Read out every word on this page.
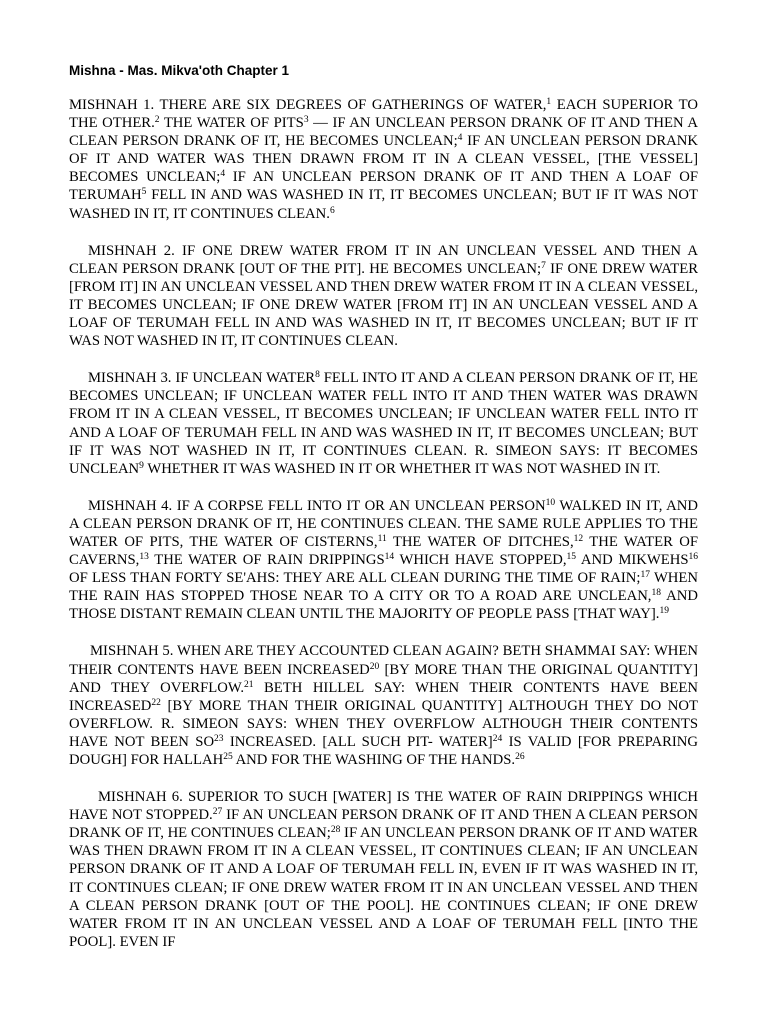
Mishna - Mas. Mikva'oth Chapter 1

MISHNAH 1. THERE ARE SIX DEGREES OF GATHERINGS OF WATER,$^1$ EACH SUPERIOR TO THE OTHER.$^2$ THE WATER OF PITS$^3$ — IF AN UNCLEAN PERSON DRANK OF IT AND THEN A CLEAN PERSON DRANK OF IT, HE BECOMES UNCLEAN;$^4$ IF AN UNCLEAN PERSON DRANK OF IT AND WATER WAS THEN DRAWN FROM IT IN A CLEAN VESSEL, [THE VESSEL] BECOMES UNCLEAN;$^4$ IF AN UNCLEAN PERSON DRANK OF IT AND THEN A LOAF OF TERUMAH$^5$ FELL IN AND WAS WASHED IN IT, IT BECOMES UNCLEAN; BUT IF IT WAS NOT WASHED IN IT, IT CONTINUES CLEAN.$^6$

MISHNAH 2. IF ONE DREW WATER FROM IT IN AN UNCLEAN VESSEL AND THEN A CLEAN PERSON DRANK [OUT OF THE PIT]. HE BECOMES UNCLEAN;$^7$ IF ONE DREW WATER [FROM IT] IN AN UNCLEAN VESSEL AND THEN DREW WATER FROM IT IN A CLEAN VESSEL, IT BECOMES UNCLEAN; IF ONE DREW WATER [FROM IT] IN AN UNCLEAN VESSEL AND A LOAF OF TERUMAH FELL IN AND WAS WASHED IN IT, IT BECOMES UNCLEAN; BUT IF IT WAS NOT WASHED IN IT, IT CONTINUES CLEAN.

MISHNAH 3. IF UNCLEAN WATER$^8$ FELL INTO IT AND A CLEAN PERSON DRANK OF IT, HE BECOMES UNCLEAN; IF UNCLEAN WATER FELL INTO IT AND THEN WATER WAS DRAWN FROM IT IN A CLEAN VESSEL, IT BECOMES UNCLEAN; IF UNCLEAN WATER FELL INTO IT AND A LOAF OF TERUMAH FELL IN AND WAS WASHED IN IT, IT BECOMES UNCLEAN; BUT IF IT WAS NOT WASHED IN IT, IT CONTINUES CLEAN. R. SIMEON SAYS: IT BECOMES UNCLEAN$^9$ WHETHER IT WAS WASHED IN IT OR WHETHER IT WAS NOT WASHED IN IT.

MISHNAH 4. IF A CORPSE FELL INTO IT OR AN UNCLEAN PERSON$^{10}$ WALKED IN IT, AND A CLEAN PERSON DRANK OF IT, HE CONTINUES CLEAN. THE SAME RULE APPLIES TO THE WATER OF PITS, THE WATER OF CISTERNS,$^{11}$ THE WATER OF DITCHES,$^{12}$ THE WATER OF CAVERNS,$^{13}$ THE WATER OF RAIN DRIPPINGS$^{14}$ WHICH HAVE STOPPED,$^{15}$ AND MIKWEHS$^{16}$ OF LESS THAN FORTY SE'AHS: THEY ARE ALL CLEAN DURING THE TIME OF RAIN;$^{17}$ WHEN THE RAIN HAS STOPPED THOSE NEAR TO A CITY OR TO A ROAD ARE UNCLEAN,$^{18}$ AND THOSE DISTANT REMAIN CLEAN UNTIL THE MAJORITY OF PEOPLE PASS [THAT WAY].$^{19}$

MISHNAH 5. WHEN ARE THEY ACCOUNTED CLEAN AGAIN? BETH SHAMMAI SAY: WHEN THEIR CONTENTS HAVE BEEN INCREASED$^{20}$ [BY MORE THAN THE ORIGINAL QUANTITY] AND THEY OVERFLOW.$^{21}$ BETH HILLEL SAY: WHEN THEIR CONTENTS HAVE BEEN INCREASED$^{22}$ [BY MORE THAN THEIR ORIGINAL QUANTITY] ALTHOUGH THEY DO NOT OVERFLOW. R. SIMEON SAYS: WHEN THEY OVERFLOW ALTHOUGH THEIR CONTENTS HAVE NOT BEEN SO$^{23}$ INCREASED. [ALL SUCH PIT- WATER]$^{24}$ IS VALID [FOR PREPARING DOUGH] FOR HALLAH$^{25}$ AND FOR THE WASHING OF THE HANDS.$^{26}$

MISHNAH 6. SUPERIOR TO SUCH [WATER] IS THE WATER OF RAIN DRIPPINGS WHICH HAVE NOT STOPPED.$^{27}$ IF AN UNCLEAN PERSON DRANK OF IT AND THEN A CLEAN PERSON DRANK OF IT, HE CONTINUES CLEAN;$^{28}$ IF AN UNCLEAN PERSON DRANK OF IT AND WATER WAS THEN DRAWN FROM IT IN A CLEAN VESSEL, IT CONTINUES CLEAN; IF AN UNCLEAN PERSON DRANK OF IT AND A LOAF OF TERUMAH FELL IN, EVEN IF IT WAS WASHED IN IT, IT CONTINUES CLEAN; IF ONE DREW WATER FROM IT IN AN UNCLEAN VESSEL AND THEN A CLEAN PERSON DRANK [OUT OF THE POOL]. HE CONTINUES CLEAN; IF ONE DREW WATER FROM IT IN AN UNCLEAN VESSEL AND A LOAF OF TERUMAH FELL [INTO THE POOL]. EVEN IF
